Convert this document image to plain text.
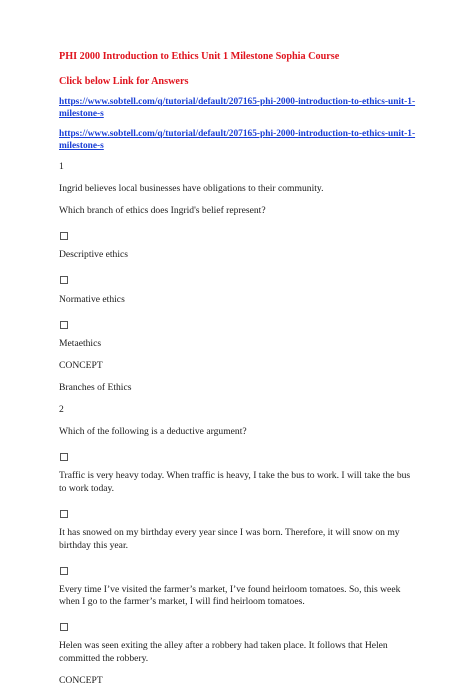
PHI 2000 Introduction to Ethics Unit 1 Milestone Sophia Course
Click below Link for Answers
https://www.sobtell.com/q/tutorial/default/207165-phi-2000-introduction-to-ethics-unit-1-milestone-s
https://www.sobtell.com/q/tutorial/default/207165-phi-2000-introduction-to-ethics-unit-1-milestone-s
1
Ingrid believes local businesses have obligations to their community.
Which branch of ethics does Ingrid's belief represent?
Descriptive ethics
Normative ethics
Metaethics
CONCEPT
Branches of Ethics
2
Which of the following is a deductive argument?
Traffic is very heavy today. When traffic is heavy, I take the bus to work. I will take the bus to work today.
It has snowed on my birthday every year since I was born. Therefore, it will snow on my birthday this year.
Every time I’ve visited the farmer’s market, I’ve found heirloom tomatoes. So, this week when I go to the farmer’s market, I will find heirloom tomatoes.
Helen was seen exiting the alley after a robbery had taken place. It follows that Helen committed the robbery.
CONCEPT
